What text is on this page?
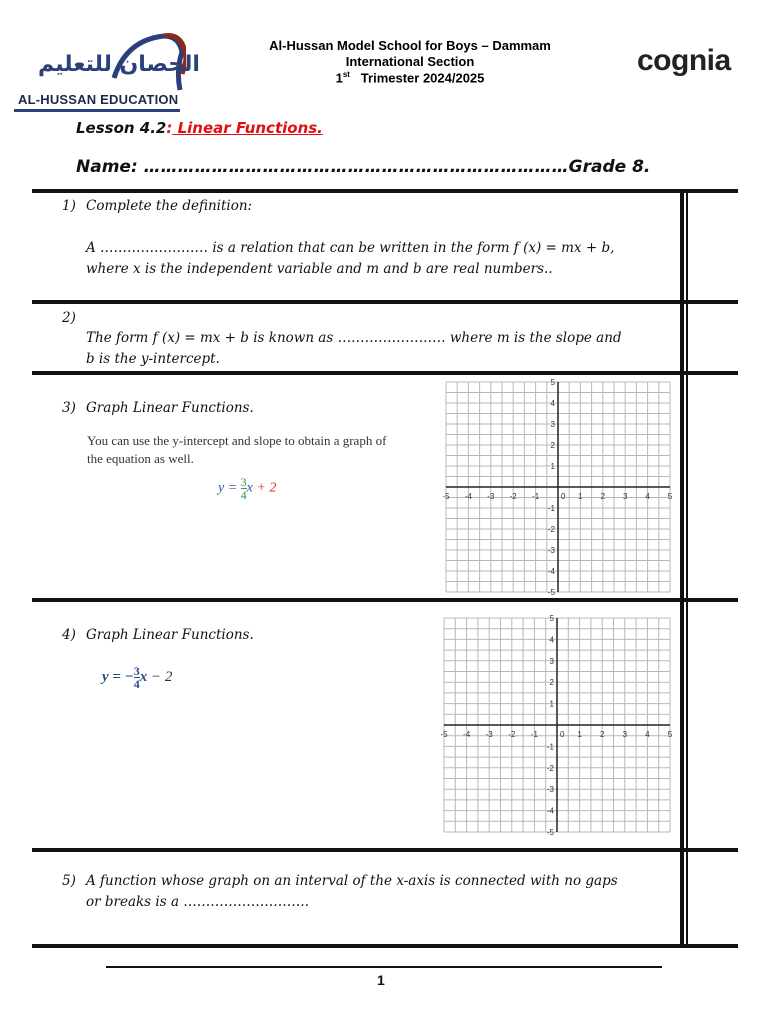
الحصان للتعليم
AL-HUSSAN EDUCATION
Al-Hussan Model School for Boys – Dammam
International Section
1st Trimester 2024/2025
cognia
Lesson 4.2: Linear Functions.
Name: …………………………………………………………………Grade 8.
1) Complete the definition:
A …………………… is a relation that can be written in the form f (x) = mx + b,
where x is the independent variable and m and b are real numbers..
2)
The form f (x) = mx + b is known as …………………… where m is the slope and
b is the y-intercept.
3) Graph Linear Functions.
You can use the y-intercept and slope to obtain a graph of
the equation as well.
$y = \frac{3}{4}$ x + 2
4) Graph Linear Functions.
y = − $\frac{3}{4}$ x − 2
-5 -4 -3 -2 -1	0 1 2 3 4 5
5
4
3
2
1
-1
-2
-3
-4
-5
-5 -4 -3 -2 -1	0 1 2 3 4 5
5
4
3
2
1
-1
-2
-3
-4
-5
5) A function whose graph on an interval of the x-axis is connected with no gaps
or breaks is a ……………………….
1
